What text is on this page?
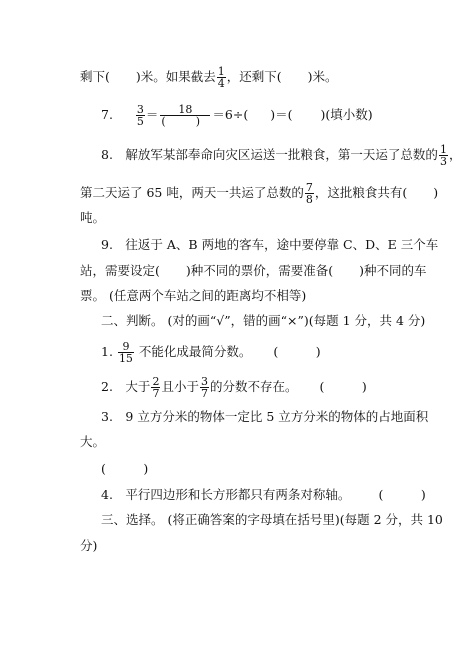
剩下( )米。如果截去 $\frac{1}{4}$ ，还剩下( )米。
7. $\frac{3}{5} = 18$
(	) ＝6÷( )＝( )(填小数)
8.　解放军某部奉命向灾区运送一批粮食，第一天运了总数的 $\frac{1}{3}$ ，
第二天运了 65 吨，两天一共运了总数的 $\frac{7}{8}$ ，这批粮食共有( )
吨。
9.　往返于 A、B 两地的客车，途中要停靠 C、D、E 三个车
站，需要设定( )种不同的票价，需要准备( )种不同的车
票。 (任意两个车站之间的距离均不相等)
二、判断。 (对的画“√”，错的画“×”)(每题 1 分，共 4 分)
1. $\frac{9}{15}$ 不能化成最简分数。 (　　　)
2.　大于 $\frac{2}{7}$ 且小于 $\frac{3}{7}$ 的分数不存在。 (　　　)
3.　9 立方分米的物体一定比 5 立方分米的物体的占地面积
大。
(　　　)
4.　平行四边形和长方形都只有两条对称轴。 (　　　)
三、选择。 (将正确答案的字母填在括号里)(每题 2 分，共 10
分)
